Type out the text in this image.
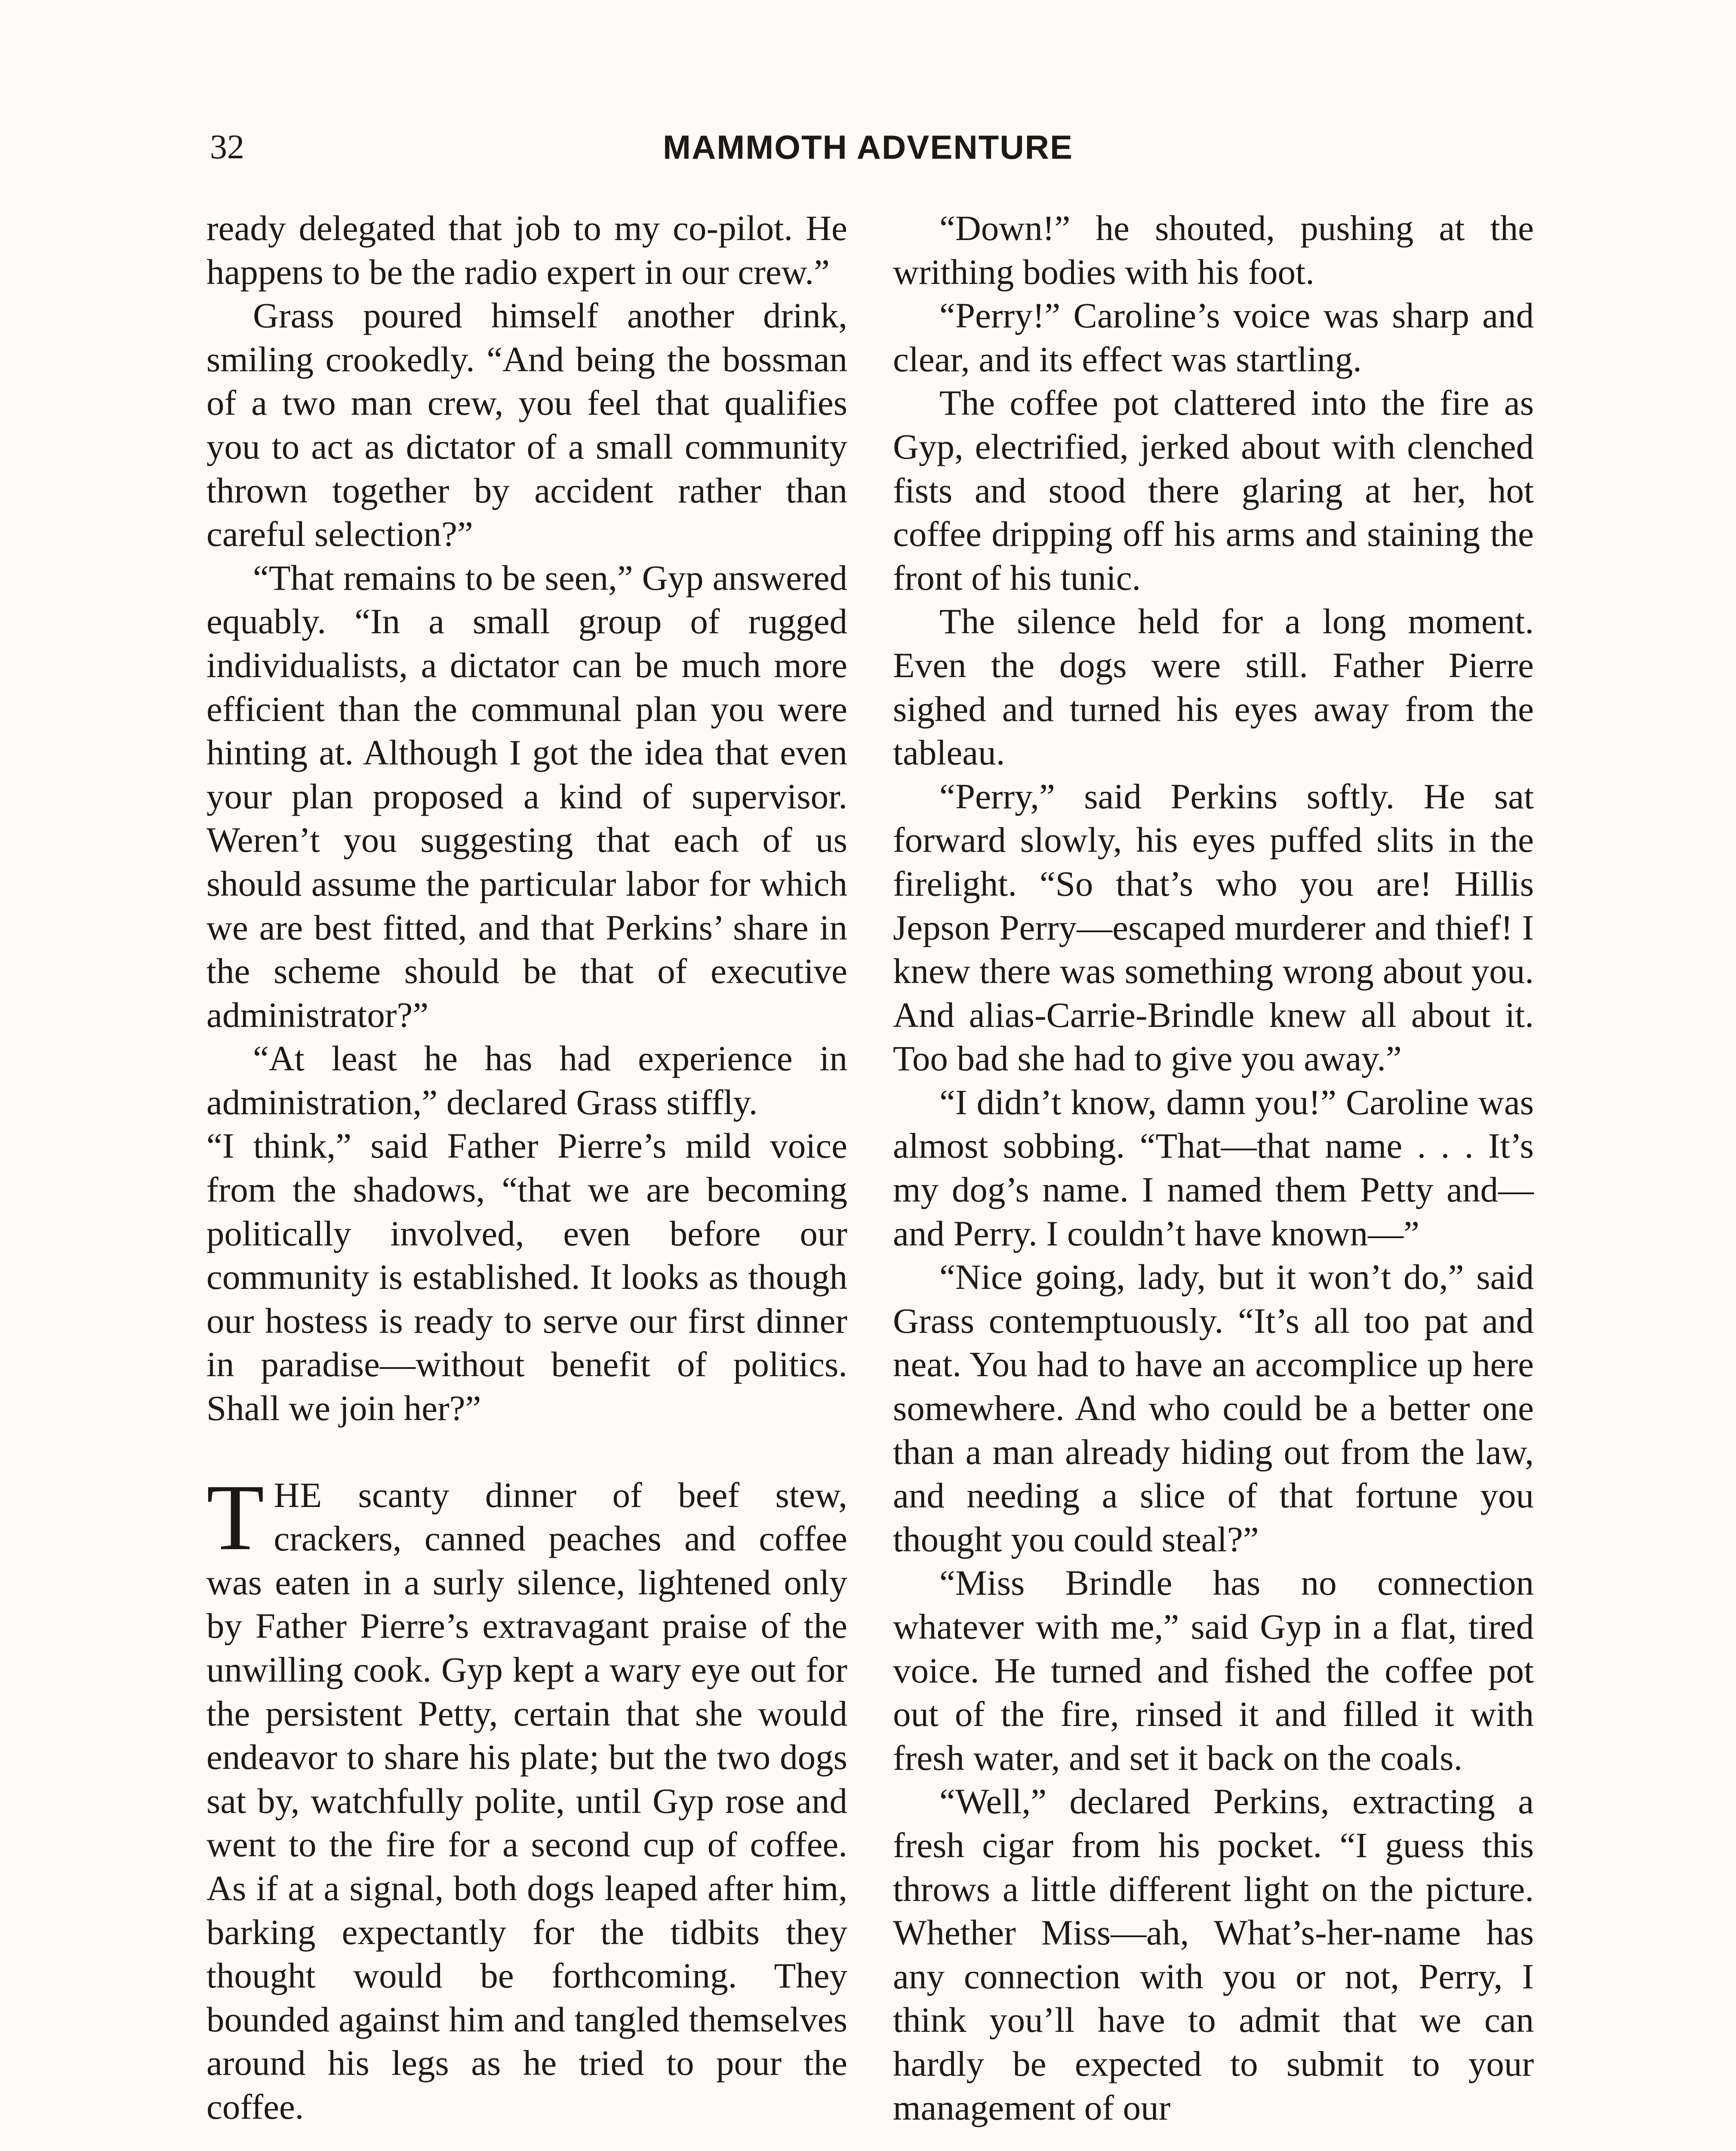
32	MAMMOTH ADVENTURE

ready delegated that job to my co-pilot. He happens to be the radio expert in our crew.”

Grass poured himself another drink, smiling crookedly. “And being the bossman of a two man crew, you feel that qualifies you to act as dictator of a small community thrown together by accident rather than careful selection?”

“That remains to be seen,” Gyp answered equably. “In a small group of rugged individualists, a dictator can be much more efficient than the communal plan you were hinting at. Although I got the idea that even your plan proposed a kind of supervisor. Weren’t you suggesting that each of us should assume the particular labor for which we are best fitted, and that Perkins’ share in the scheme should be that of executive administrator?”

“At least he has had experience in administration,” declared Grass stiffly.

“I think,” said Father Pierre’s mild voice from the shadows, “that we are becoming politically involved, even before our community is established. It looks as though our hostess is ready to serve our first dinner in paradise—without benefit of politics. Shall we join her?”

THE scanty dinner of beef stew, crackers, canned peaches and coffee was eaten in a surly silence, lightened only by Father Pierre’s extravagant praise of the unwilling cook. Gyp kept a wary eye out for the persistent Petty, certain that she would endeavor to share his plate; but the two dogs sat by, watchfully polite, until Gyp rose and went to the fire for a second cup of coffee. As if at a signal, both dogs leaped after him, barking expectantly for the tidbits they thought would be forthcoming. They bounded against him and tangled themselves around his legs as he tried to pour the coffee.

“Down!” he shouted, pushing at the writhing bodies with his foot.

“Perry!” Caroline’s voice was sharp and clear, and its effect was startling.

The coffee pot clattered into the fire as Gyp, electrified, jerked about with clenched fists and stood there glaring at her, hot coffee dripping off his arms and staining the front of his tunic.

The silence held for a long moment. Even the dogs were still. Father Pierre sighed and turned his eyes away from the tableau.

“Perry,” said Perkins softly. He sat forward slowly, his eyes puffed slits in the firelight. “So that’s who you are! Hillis Jepson Perry—escaped murderer and thief! I knew there was something wrong about you. And alias-Carrie-Brindle knew all about it. Too bad she had to give you away.”

“I didn’t know, damn you!” Caroline was almost sobbing. “That—that name . . . It’s my dog’s name. I named them Petty and—and Perry. I couldn’t have known—”

“Nice going, lady, but it won’t do,” said Grass contemptuously. “It’s all too pat and neat. You had to have an accomplice up here somewhere. And who could be a better one than a man already hiding out from the law, and needing a slice of that fortune you thought you could steal?”

“Miss Brindle has no connection whatever with me,” said Gyp in a flat, tired voice. He turned and fished the coffee pot out of the fire, rinsed it and filled it with fresh water, and set it back on the coals.

“Well,” declared Perkins, extracting a fresh cigar from his pocket. “I guess this throws a little different light on the picture. Whether Miss—ah, What’s-her-name has any connection with you or not, Perry, I think you’ll have to admit that we can hardly be expected to submit to your management of our
